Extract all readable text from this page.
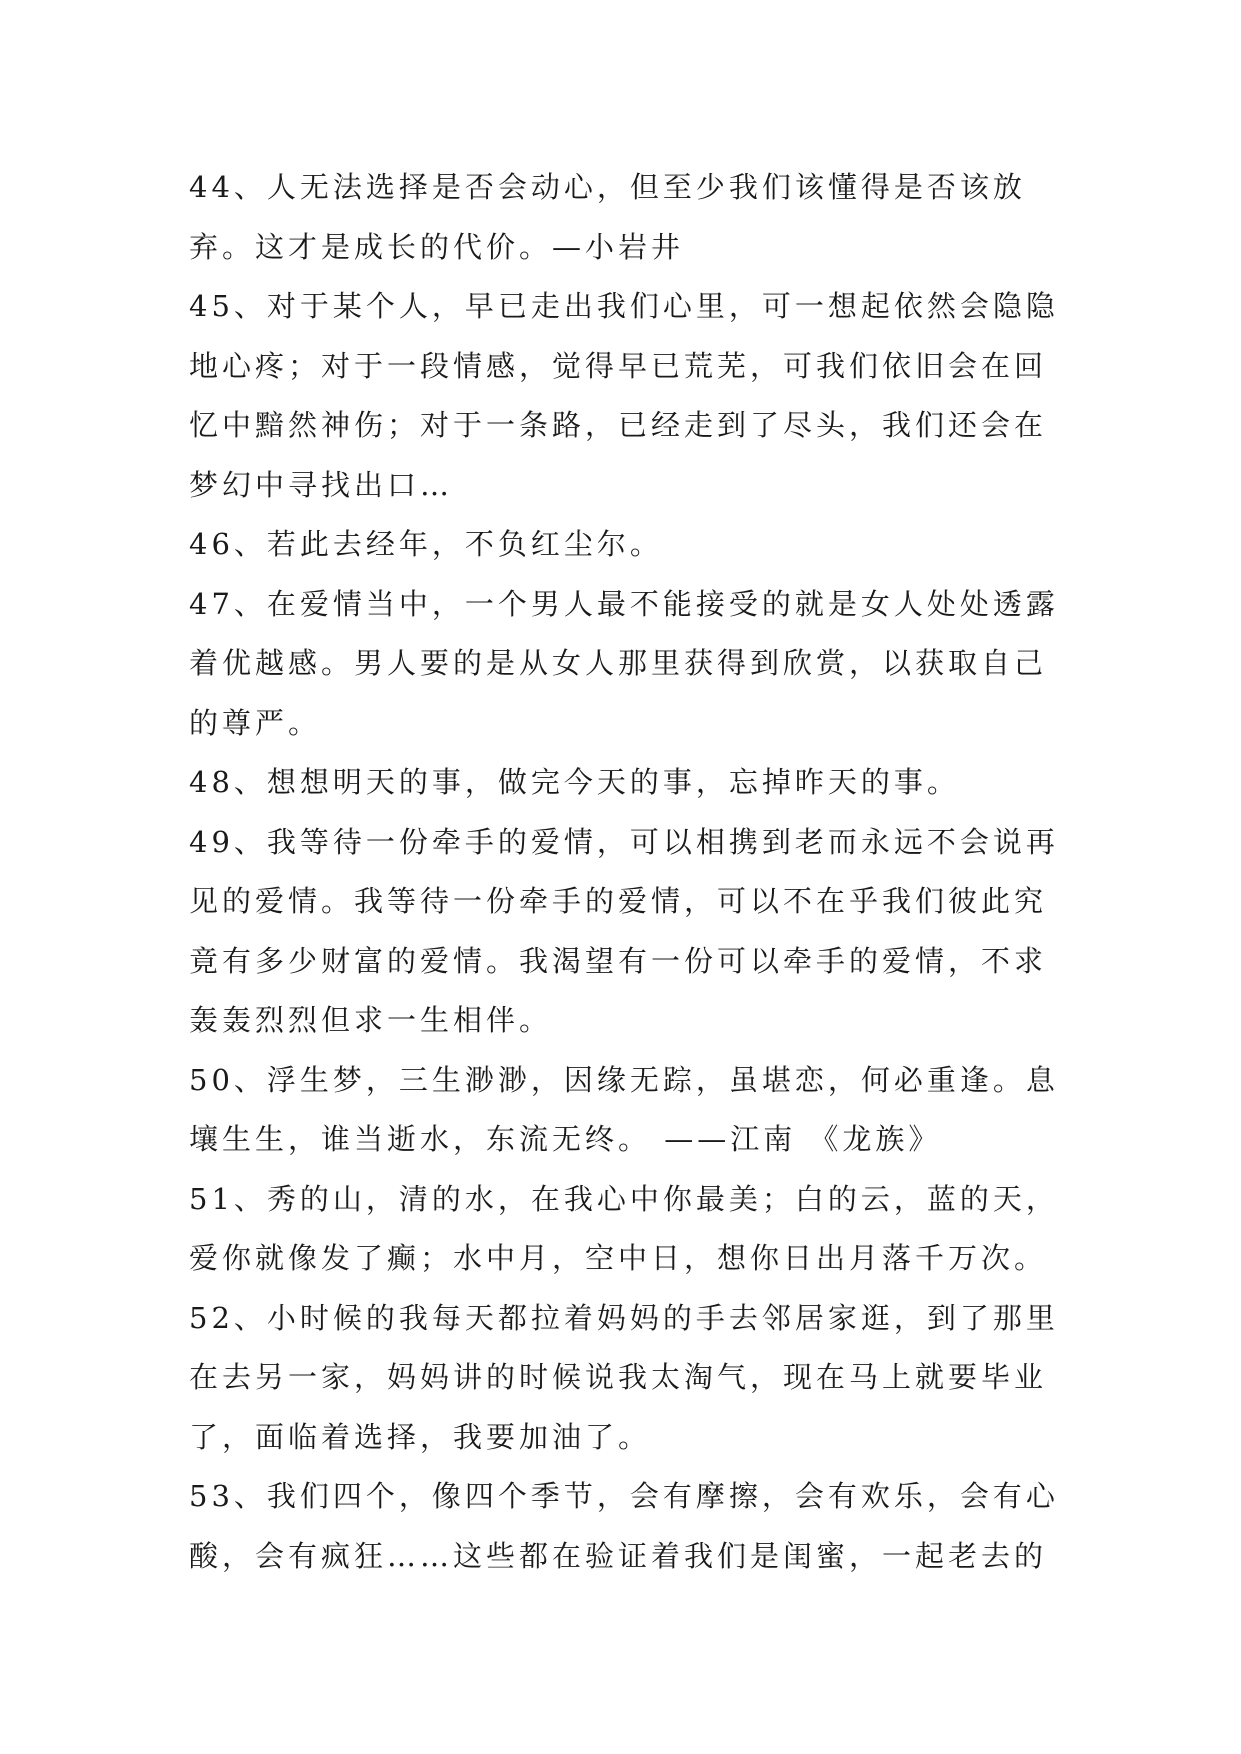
44、人无法选择是否会动心，但至少我们该懂得是否该放弃。这才是成长的代价。—小岩井

45、对于某个人，早已走出我们心里，可一想起依然会隐隐地心疼；对于一段情感，觉得早已荒芜，可我们依旧会在回忆中黯然神伤；对于一条路，已经走到了尽头，我们还会在梦幻中寻找出口…

46、若此去经年，不负红尘尔。

47、在爱情当中，一个男人最不能接受的就是女人处处透露着优越感。男人要的是从女人那里获得到欣赏，以获取自己的尊严。

48、想想明天的事，做完今天的事，忘掉昨天的事。

49、我等待一份牵手的爱情，可以相携到老而永远不会说再见的爱情。我等待一份牵手的爱情，可以不在乎我们彼此究竟有多少财富的爱情。我渴望有一份可以牵手的爱情，不求轰轰烈烈但求一生相伴。

50、浮生梦，三生渺渺，因缘无踪，虽堪恋，何必重逢。息壤生生，谁当逝水，东流无终。 ——江南 《龙族》

51、秀的山，清的水，在我心中你最美；白的云，蓝的天，爱你就像发了癫；水中月，空中日，想你日出月落千万次。

52、小时候的我每天都拉着妈妈的手去邻居家逛，到了那里在去另一家，妈妈讲的时候说我太淘气，现在马上就要毕业了，面临着选择，我要加油了。

53、我们四个，像四个季节，会有摩擦，会有欢乐，会有心酸，会有疯狂……这些都在验证着我们是闺蜜，一起老去的
